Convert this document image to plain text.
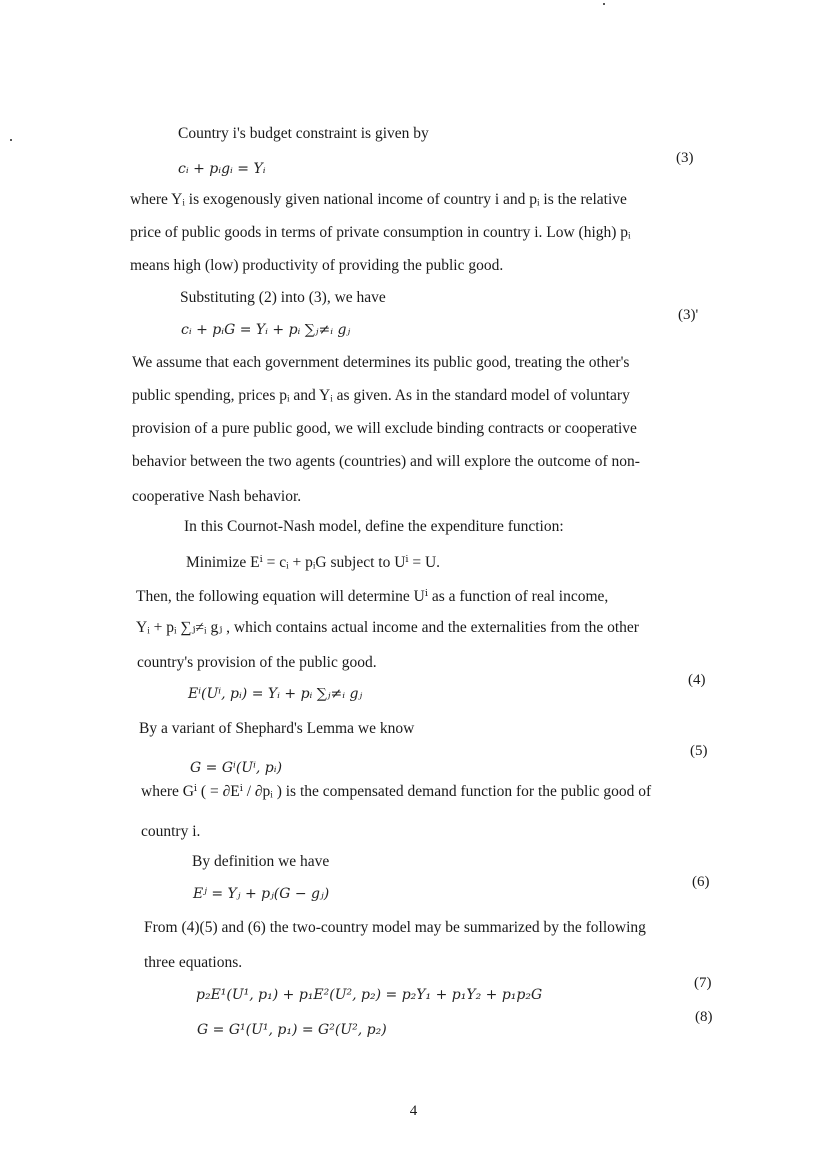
Country i's budget constraint is given by
cᵢ + pᵢgᵢ = Yᵢ
(3)
where Yᵢ is exogenously given national income of country i and pᵢ is the relative
price of public goods in terms of private consumption in country i. Low (high) pᵢ
means high (low) productivity of providing the public good.
Substituting (2) into (3), we have
cᵢ + pᵢG = Yᵢ + pᵢ ∑ⱼ≠ᵢ gⱼ
(3)'
We assume that each government determines its public good, treating the other's
public spending, prices pᵢ and Yᵢ as given. As in the standard model of voluntary
provision of a pure public good, we will exclude binding contracts or cooperative
behavior between the two agents (countries) and will explore the outcome of non-
cooperative Nash behavior.
In this Cournot-Nash model, define the expenditure function:
Minimize Eⁱ = cᵢ + pᵢG subject to Uⁱ = U.
Then, the following equation will determine Uⁱ as a function of real income,
Yᵢ + pᵢ ∑ⱼ≠ᵢ gⱼ , which contains actual income and the externalities from the other
country's provision of the public good.
Eⁱ(Uⁱ, pᵢ) = Yᵢ + pᵢ ∑ⱼ≠ᵢ gⱼ
(4)
By a variant of Shephard's Lemma we know
G = Gⁱ(Uⁱ, pᵢ)
(5)
where Gⁱ ( = ∂Eⁱ / ∂pᵢ ) is the compensated demand function for the public good of
country i.
By definition we have
Eʲ = Yⱼ + pⱼ(G − gⱼ)
(6)
From (4)(5) and (6) the two-country model may be summarized by the following
three equations.
p₂E¹(U¹, p₁) + p₁E²(U², p₂) = p₂Y₁ + p₁Y₂ + p₁p₂G
(7)
G = G¹(U¹, p₁) = G²(U², p₂)
(8)
4
